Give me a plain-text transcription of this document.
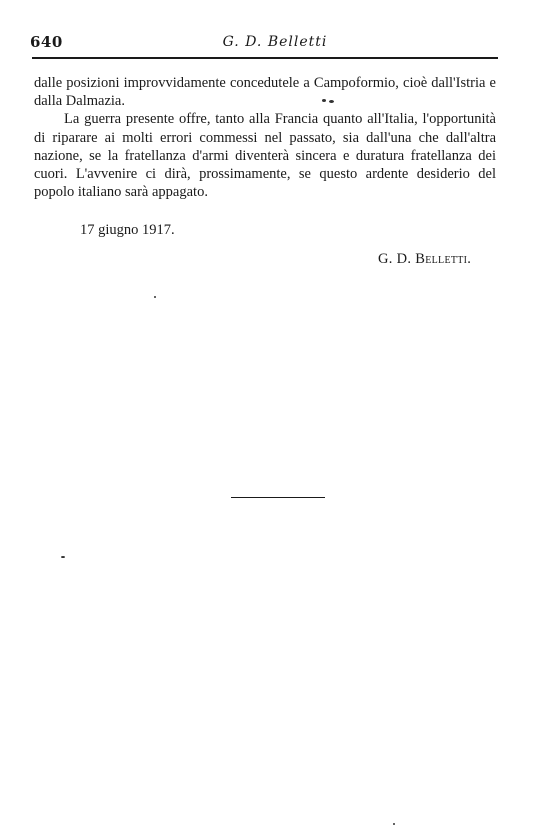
640	G. D. Belletti

dalle posizioni improvvidamente concedutele a Campoformio, cioè dall'Istria e dalla Dalmazia.

La guerra presente offre, tanto alla Francia quanto all'Italia, l'opportunità di riparare ai molti errori commessi nel passato, sia dall'una che dall'altra nazione, se la fratellanza d'armi diventerà sincera e duratura fratellanza dei cuori. L'avvenire ci dirà, prossimamente, se questo ardente desiderio del popolo italiano sarà appagato.

17 giugno 1917.
G. D. Belletti.
